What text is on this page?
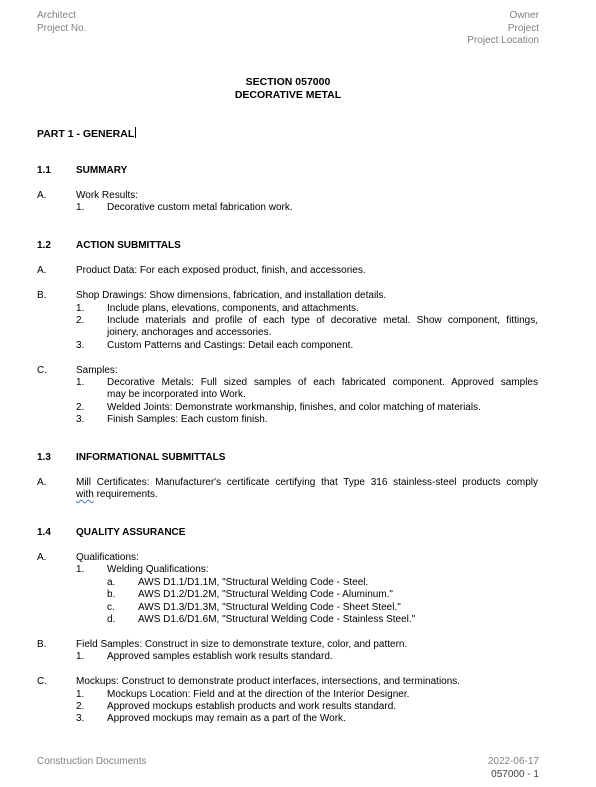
Architect
Project No.
Owner
Project
Project Location
SECTION 057000
DECORATIVE METAL
PART 1 - GENERAL
1.1	SUMMARY
A.	Work Results:
1. Decorative custom metal fabrication work.
1.2	ACTION SUBMITTALS
A.	Product Data: For each exposed product, finish, and accessories.
B.	Shop Drawings: Show dimensions, fabrication, and installation details.
1. Include plans, elevations, components, and attachments.
2. Include materials and profile of each type of decorative metal. Show component, fittings,
joinery, anchorages and accessories.
3. Custom Patterns and Castings: Detail each component.
C.	Samples:
1. Decorative Metals: Full sized samples of each fabricated component. Approved samples
may be incorporated into Work.
2. Welded Joints: Demonstrate workmanship, finishes, and color matching of materials.
3. Finish Samples: Each custom finish.
1.3	INFORMATIONAL SUBMITTALS
A.	Mill Certificates: Manufacturer's certificate certifying that Type 316 stainless-steel products comply
with requirements.
1.4	QUALITY ASSURANCE
A.	Qualifications:
1. Welding Qualifications:
a. AWS D1.1/D1.1M, "Structural Welding Code - Steel.
b. AWS D1.2/D1.2M, "Structural Welding Code - Aluminum."
c. AWS D1.3/D1.3M, "Structural Welding Code - Sheet Steel."
d. AWS D1.6/D1.6M, "Structural Welding Code - Stainless Steel."
B.	Field Samples: Construct in size to demonstrate texture, color, and pattern.
1. Approved samples establish work results standard.
C.	Mockups: Construct to demonstrate product interfaces, intersections, and terminations.
1. Mockups Location: Field and at the direction of the Interior Designer.
2. Approved mockups establish products and work results standard.
3. Approved mockups may remain as a part of the Work.
Construction Documents	2022-06-17
057000 - 1
